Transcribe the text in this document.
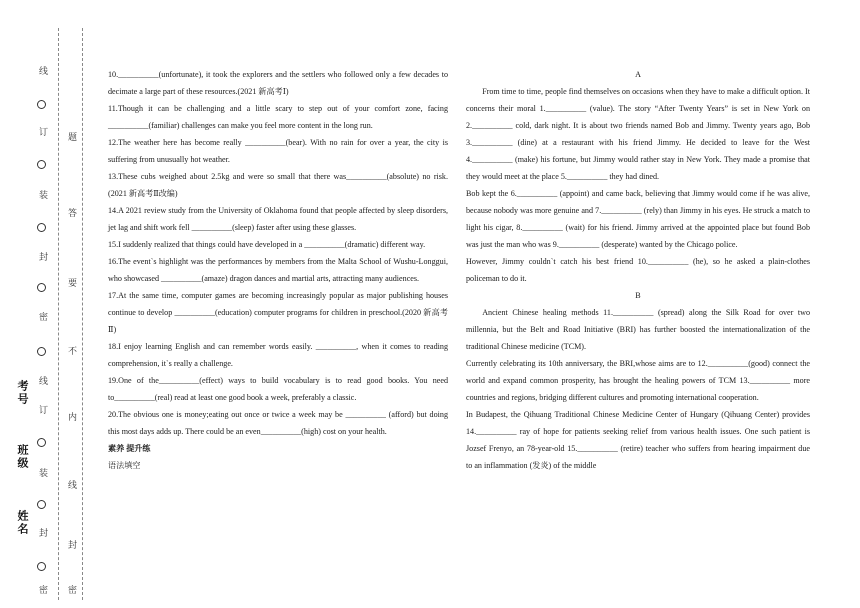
线
订
装
封
密
线
订
装
封
密
题
答
要
不
内
线
封
密
考号
班级
姓名

10.__________(unfortunate), it took the explorers and the settlers who followed only a few decades to decimate a large part of these resources.(2021 新高考Ⅰ)

11.Though it can be challenging and a little scary to step out of your comfort zone, facing __________(familiar) challenges can make you feel more content in the long run.

12.The weather here has become really __________(bear). With no rain for over a year, the city is suffering from unusually hot weather.

13.These cubs weighed about 2.5kg and were so small that there was__________(absolute) no risk.(2021 新高考Ⅱ改编)

14.A 2021 review study from the University of Oklahoma found that people affected by sleep disorders, jet lag and shift work fell __________(sleep) faster after using these glasses.

15.I suddenly realized that things could have developed in a __________(dramatic) different way.

16.The event`s highlight was the performances by members from the Malta School of Wushu-Longgui, who showcased __________(amaze) dragon dances and martial arts, attracting many audiences.

17.At the same time, computer games are becoming increasingly popular as major publishing houses continue to develop __________(education) computer programs for children in preschool.(2020 新高考Ⅱ)

18.I enjoy learning English and can remember words easily. __________, when it comes to reading comprehension, it`s really a challenge.

19.One of the__________(effect) ways to build vocabulary is to read good books. You need to__________(real) read at least one good book a week, preferably a classic.

20.The obvious one is money;eating out once or twice a week may be __________ (afford) but doing this most days adds up. There could be an even__________(high) cost on your health.

素养 提升练

语法填空

A

From time to time, people find themselves on occasions when they have to make a difficult option. It concerns their moral 1.__________ (value). The story “After Twenty Years” is set in New York on 2.__________ cold, dark night. It is about two friends named Bob and Jimmy. Twenty years ago, Bob 3.__________ (dine) at a restaurant with his friend Jimmy. He decided to leave for the West 4.__________ (make) his fortune, but Jimmy would rather stay in New York. They made a promise that they would meet at the place 5.__________ they had dined.

Bob kept the 6.__________ (appoint) and came back, believing that Jimmy would come if he was alive, because nobody was more genuine and 7.__________ (rely) than Jimmy in his eyes. He struck a match to light his cigar, 8.__________ (wait) for his friend. Jimmy arrived at the appointed place but found Bob was just the man who was 9.__________ (desperate) wanted by the Chicago police.

However, Jimmy couldn`t catch his best friend 10.__________ (he), so he asked a plain-clothes policeman to do it.

B

Ancient Chinese healing methods 11.__________ (spread) along the Silk Road for over two millennia, but the Belt and Road Initiative (BRI) has further boosted the internationalization of the traditional Chinese medicine (TCM).

Currently celebrating its 10th anniversary, the BRI,whose aims are to 12.__________(good) connect the world and expand common prosperity, has brought the healing powers of TCM 13.__________ more countries and regions, bridging different cultures and promoting international cooperation.

In Budapest, the Qihuang Traditional Chinese Medicine Center of Hungary (Qihuang Center) provides 14.__________ ray of hope for patients seeking relief from various health issues. One such patient is Jozsef Frenyo, an 78-year-old 15.__________ (retire) teacher who suffers from hearing impairment due to an inflammation (发炎) of the middle
